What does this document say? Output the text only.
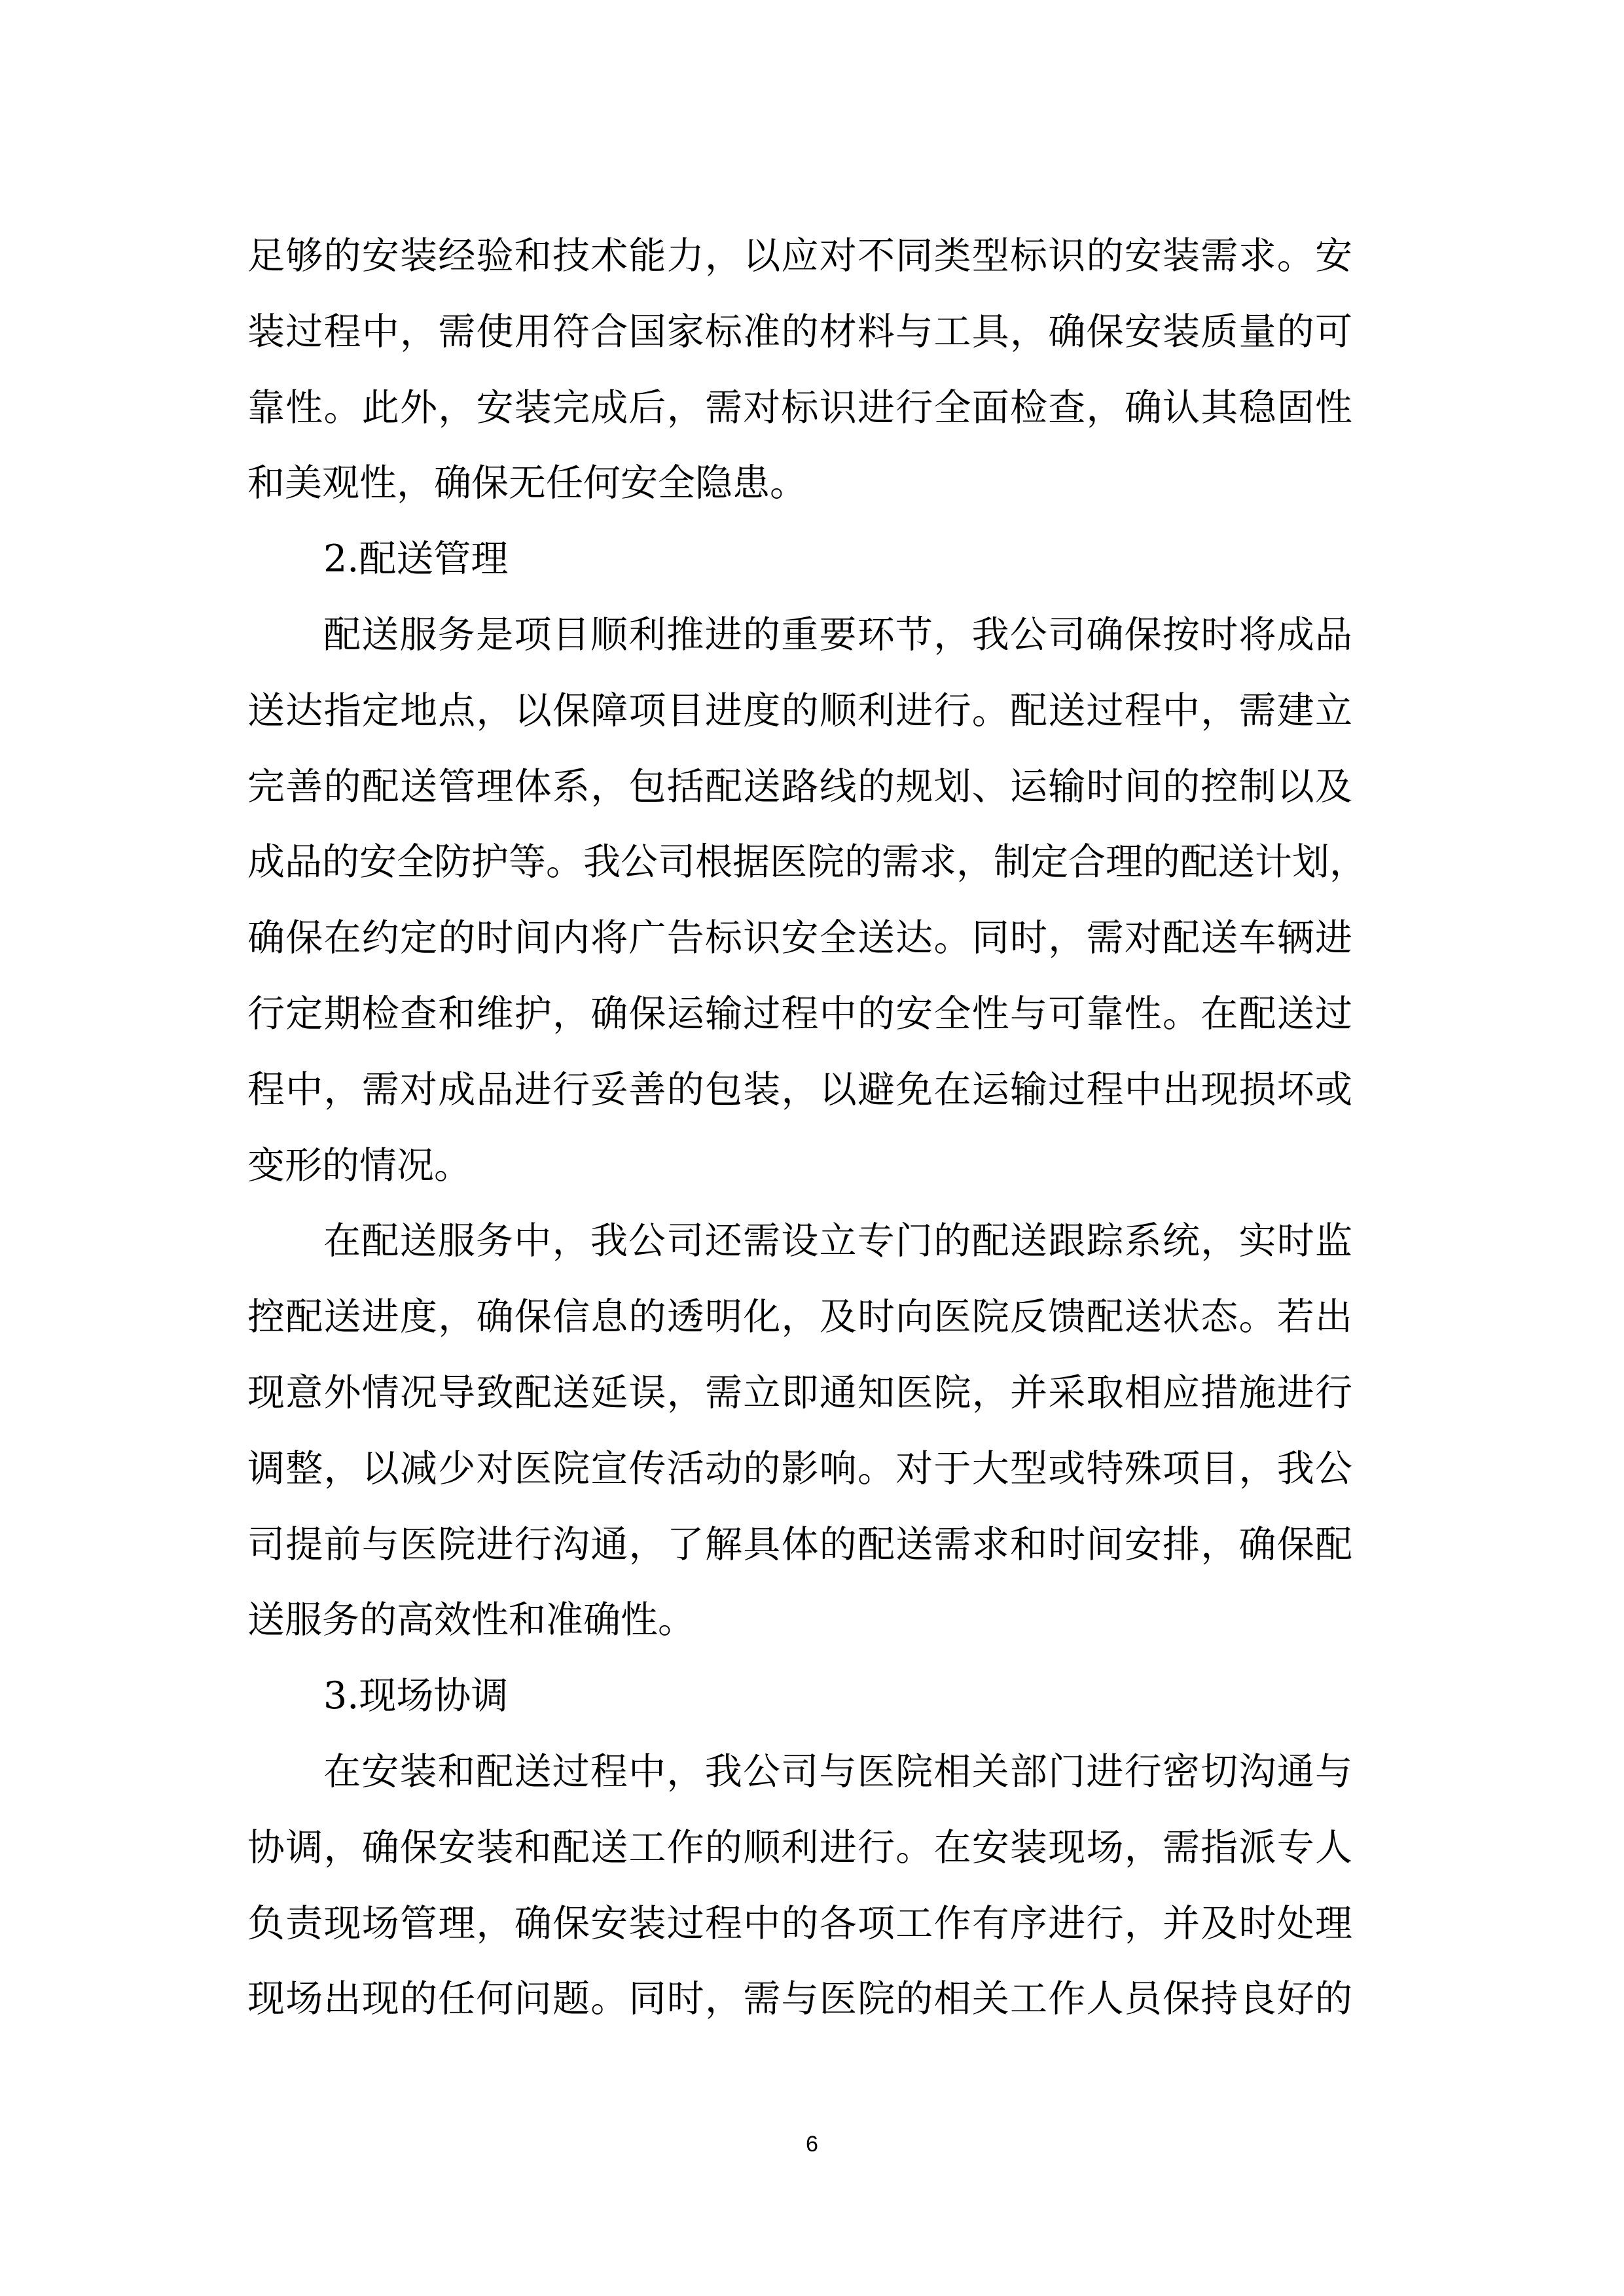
足够的安装经验和技术能力，以应对不同类型标识的安装需求。安
装过程中，需使用符合国家标准的材料与工具，确保安装质量的可
靠性。此外，安装完成后，需对标识进行全面检查，确认其稳固性
和美观性，确保无任何安全隐患。
2.配送管理
配送服务是项目顺利推进的重要环节，我公司确保按时将成品
送达指定地点，以保障项目进度的顺利进行。配送过程中，需建立
完善的配送管理体系，包括配送路线的规划、运输时间的控制以及
成品的安全防护等。我公司根据医院的需求，制定合理的配送计划，
确保在约定的时间内将广告标识安全送达。同时，需对配送车辆进
行定期检查和维护，确保运输过程中的安全性与可靠性。在配送过
程中，需对成品进行妥善的包装，以避免在运输过程中出现损坏或
变形的情况。
在配送服务中，我公司还需设立专门的配送跟踪系统，实时监
控配送进度，确保信息的透明化，及时向医院反馈配送状态。若出
现意外情况导致配送延误，需立即通知医院，并采取相应措施进行
调整，以减少对医院宣传活动的影响。对于大型或特殊项目，我公
司提前与医院进行沟通，了解具体的配送需求和时间安排，确保配
送服务的高效性和准确性。
3.现场协调
在安装和配送过程中，我公司与医院相关部门进行密切沟通与
协调，确保安装和配送工作的顺利进行。在安装现场，需指派专人
负责现场管理，确保安装过程中的各项工作有序进行，并及时处理
现场出现的任何问题。同时，需与医院的相关工作人员保持良好的
6
